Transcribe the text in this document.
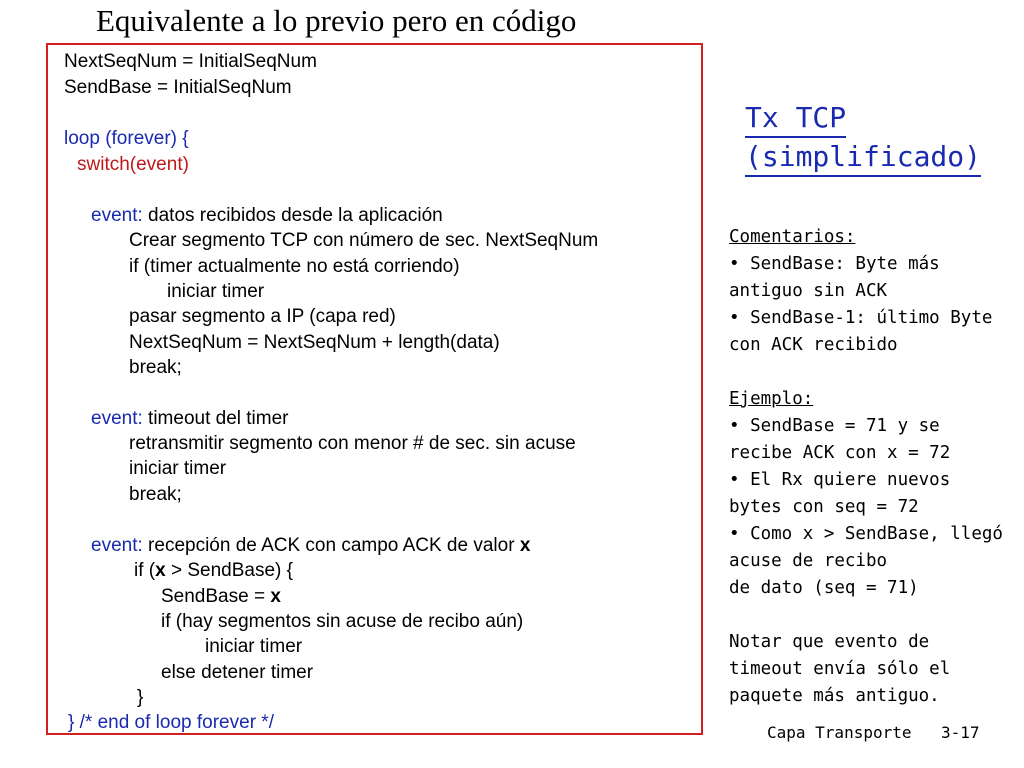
Equivalente a lo previo pero en código
NextSeqNum = InitialSeqNum
SendBase = InitialSeqNum
loop (forever) {
switch(event)
event: datos recibidos desde la aplicación
Crear segmento TCP con número de sec. NextSeqNum
if (timer actualmente no está corriendo)
iniciar timer
pasar segmento a IP (capa red)
NextSeqNum = NextSeqNum + length(data)
break;
event: timeout del timer
retransmitir segmento con menor # de sec. sin acuse
iniciar timer
break;
event: recepción de ACK con campo ACK de valor x
if (x > SendBase) {
SendBase = x
if (hay segmentos sin acuse de recibo aún)
iniciar timer
else detener timer
}
} /* end of loop forever */
Tx TCP
(simplificado)
Comentarios:
• SendBase: Byte más
antiguo sin ACK
• SendBase-1: último Byte
con ACK recibido
Ejemplo:
• SendBase = 71 y se
recibe ACK con x = 72
• El Rx quiere nuevos
bytes con seq = 72
• Como x > SendBase, llegó
acuse de recibo
de dato (seq = 71)
Notar que evento de
timeout envía sólo el
paquete más antiguo.
Capa Transporte 3-17
